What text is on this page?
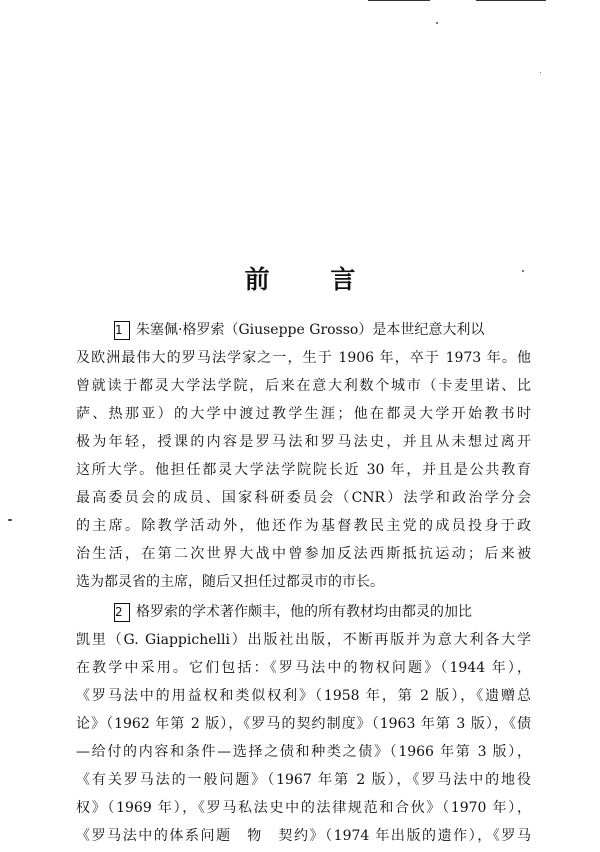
前 言
1 朱塞佩·格罗索（Giuseppe Grosso）是本世纪意大利以
及欧洲最伟大的罗马法学家之一，生于 1906 年，卒于 1973 年。他
曾就读于都灵大学法学院，后来在意大利数个城市（卡麦里诺、比
萨、热那亚）的大学中渡过教学生涯；他在都灵大学开始教书时
极为年轻，授课的内容是罗马法和罗马法史，并且从未想过离开
这所大学。他担任都灵大学法学院院长近 30 年，并且是公共教育
最高委员会的成员、国家科研委员会（CNR）法学和政治学分会
的主席。除教学活动外，他还作为基督教民主党的成员投身于政
治生活，在第二次世界大战中曾参加反法西斯抵抗运动；后来被
选为都灵省的主席，随后又担任过都灵市的市长。
2 格罗索的学术著作颇丰，他的所有教材均由都灵的加比
凯里（G. Giappichelli）出版社出版，不断再版并为意大利各大学
在教学中采用。它们包括：《罗马法中的物权问题》（1944 年），
《罗马法中的用益权和类似权利》（1958 年，第 2 版），《遗赠总
论》（1962 年第 2 版），《罗马的契约制度》（1963 年第 3 版），《债
—给付的内容和条件—选择之债和种类之债》（1966 年第 3 版），
《有关罗马法的一般问题》（1967 年第 2 版），《罗马法中的地役
权》（1969 年），《罗马私法史中的法律规范和合伙》（1970 年），
《罗马法中的体系问题　物　契约》（1974 年出版的遗作），《罗马
